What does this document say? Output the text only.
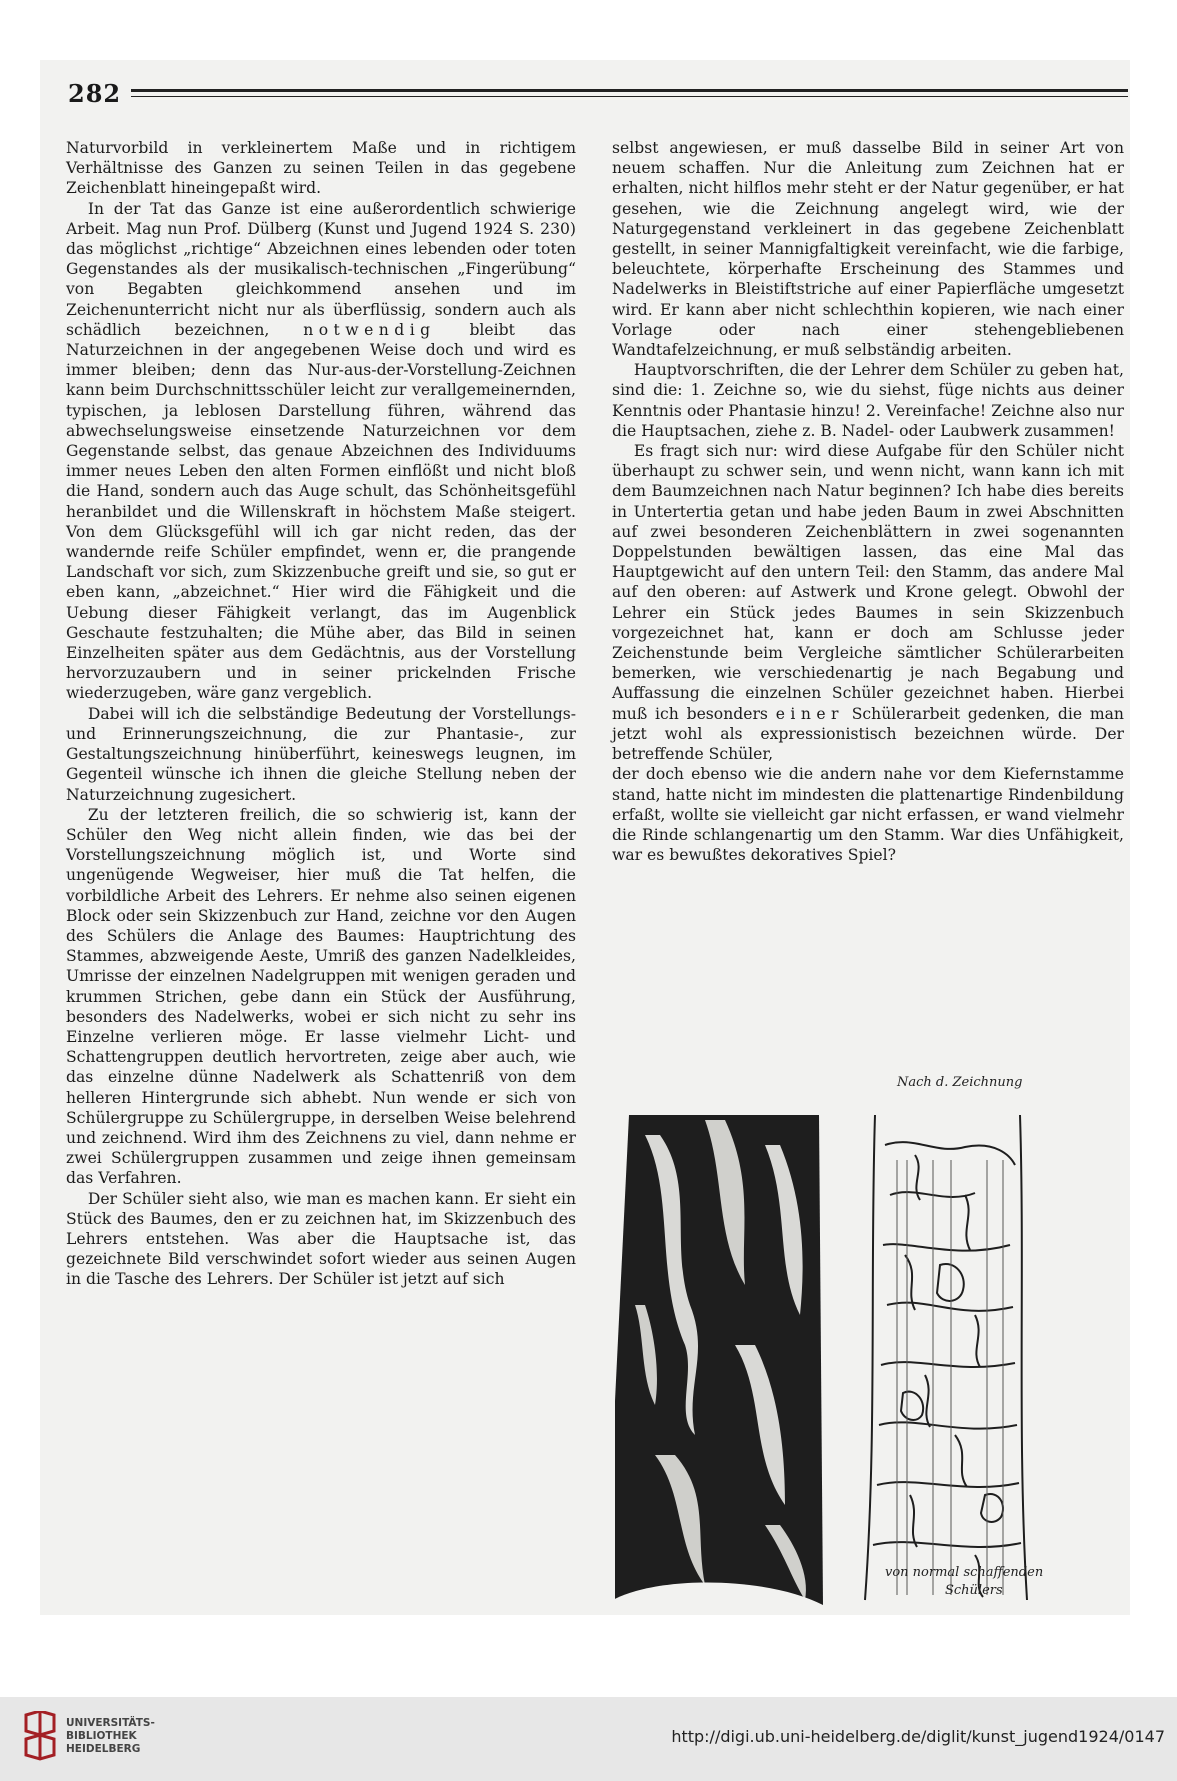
282

Naturvorbild in verkleinertem Maße und in richtigem Verhältnisse des Ganzen zu seinen Teilen in das gegebene Zeichenblatt hineingepaßt wird.

In der Tat das Ganze ist eine außerordentlich schwierige Arbeit. Mag nun Prof. Dülberg (Kunst und Jugend 1924 S. 230) das möglichst „richtige“ Abzeichnen eines lebenden oder toten Gegenstandes als der musikalisch-technischen „Fingerübung“ von Begabten gleichkommend ansehen und im Zeichenunterricht nicht nur als überflüssig, sondern auch als schädlich bezeichnen, notwendig bleibt das Naturzeichnen in der angegebenen Weise doch und wird es immer bleiben; denn das Nur-aus-der-Vorstellung-Zeichnen kann beim Durchschnittsschüler leicht zur verallgemeinernden, typischen, ja leblosen Darstellung führen, während das abwechselungsweise einsetzende Naturzeichnen vor dem Gegenstande selbst, das genaue Abzeichnen des Individuums immer neues Leben den alten Formen einflößt und nicht bloß die Hand, sondern auch das Auge schult, das Schönheitsgefühl heranbildet und die Willenskraft in höchstem Maße steigert. Von dem Glücksgefühl will ich gar nicht reden, das der wandernde reife Schüler empfindet, wenn er, die prangende Landschaft vor sich, zum Skizzenbuche greift und sie, so gut er eben kann, „abzeichnet.“ Hier wird die Fähigkeit und die Uebung dieser Fähigkeit verlangt, das im Augenblick Geschaute festzuhalten; die Mühe aber, das Bild in seinen Einzelheiten später aus dem Gedächtnis, aus der Vorstellung hervorzuzaubern und in seiner prickelnden Frische wiederzugeben, wäre ganz vergeblich.

Dabei will ich die selbständige Bedeutung der Vorstellungs- und Erinnerungszeichnung, die zur Phantasie-, zur Gestaltungszeichnung hinüberführt, keineswegs leugnen, im Gegenteil wünsche ich ihnen die gleiche Stellung neben der Naturzeichnung zugesichert.

Zu der letzteren freilich, die so schwierig ist, kann der Schüler den Weg nicht allein finden, wie das bei der Vorstellungszeichnung möglich ist, und Worte sind ungenügende Wegweiser, hier muß die Tat helfen, die vorbildliche Arbeit des Lehrers. Er nehme also seinen eigenen Block oder sein Skizzenbuch zur Hand, zeichne vor den Augen des Schülers die Anlage des Baumes: Hauptrichtung des Stammes, abzweigende Aeste, Umriß des ganzen Nadelkleides, Umrisse der einzelnen Nadelgruppen mit wenigen geraden und krummen Strichen, gebe dann ein Stück der Ausführung, besonders des Nadelwerks, wobei er sich nicht zu sehr ins Einzelne verlieren möge. Er lasse vielmehr Licht- und Schattengruppen deutlich hervortreten, zeige aber auch, wie das einzelne dünne Nadelwerk als Schattenriß von dem helleren Hintergrunde sich abhebt. Nun wende er sich von Schülergruppe zu Schülergruppe, in derselben Weise belehrend und zeichnend. Wird ihm des Zeichnens zu viel, dann nehme er zwei Schülergruppen zusammen und zeige ihnen gemeinsam das Verfahren.

Der Schüler sieht also, wie man es machen kann. Er sieht ein Stück des Baumes, den er zu zeichnen hat, im Skizzenbuch des Lehrers entstehen. Was aber die Hauptsache ist, das gezeichnete Bild verschwindet sofort wieder aus seinen Augen in die Tasche des Lehrers. Der Schüler ist jetzt auf sich

selbst angewiesen, er muß dasselbe Bild in seiner Art von neuem schaffen. Nur die Anleitung zum Zeichnen hat er erhalten, nicht hilflos mehr steht er der Natur gegenüber, er hat gesehen, wie die Zeichnung angelegt wird, wie der Naturgegenstand verkleinert in das gegebene Zeichenblatt gestellt, in seiner Mannigfaltigkeit vereinfacht, wie die farbige, beleuchtete, körperhafte Erscheinung des Stammes und Nadelwerks in Bleistiftstriche auf einer Papierfläche umgesetzt wird. Er kann aber nicht schlechthin kopieren, wie nach einer Vorlage oder nach einer stehengebliebenen Wandtafelzeichnung, er muß selbständig arbeiten.

Hauptvorschriften, die der Lehrer dem Schüler zu geben hat, sind die: 1. Zeichne so, wie du siehst, füge nichts aus deiner Kenntnis oder Phantasie hinzu! 2. Vereinfache! Zeichne also nur die Hauptsachen, ziehe z. B. Nadel- oder Laubwerk zusammen!

Es fragt sich nur: wird diese Aufgabe für den Schüler nicht überhaupt zu schwer sein, und wenn nicht, wann kann ich mit dem Baumzeichnen nach Natur beginnen? Ich habe dies bereits in Untertertia getan und habe jeden Baum in zwei Abschnitten auf zwei besonderen Zeichenblättern in zwei sogenannten Doppelstunden bewältigen lassen, das eine Mal das Hauptgewicht auf den untern Teil: den Stamm, das andere Mal auf den oberen: auf Astwerk und Krone gelegt. Obwohl der Lehrer ein Stück jedes Baumes in sein Skizzenbuch vorgezeichnet hat, kann er doch am Schlusse jeder Zeichenstunde beim Vergleiche sämtlicher Schülerarbeiten bemerken, wie verschiedenartig je nach Begabung und Auffassung die einzelnen Schüler gezeichnet haben. Hierbei muß ich besonders einer Schülerarbeit gedenken, die man jetzt wohl als expressionistisch bezeichnen würde. Der betreffende Schüler,

der doch ebenso wie die andern nahe vor dem Kiefernstamme stand, hatte nicht im mindesten die plattenartige Rindenbildung erfaßt, wollte sie vielleicht gar nicht erfassen, er wand vielmehr die Rinde schlangenartig um den Stamm. War dies Unfähigkeit, war es bewußtes dekoratives Spiel?

Nach d. Zeichnung
von normal schaffenden
Schülers
UNIVERSITÄTS-
BIBLIOTHEK
HEIDELBERG
http://digi.ub.uni-heidelberg.de/diglit/kunst_jugend1924/0147
